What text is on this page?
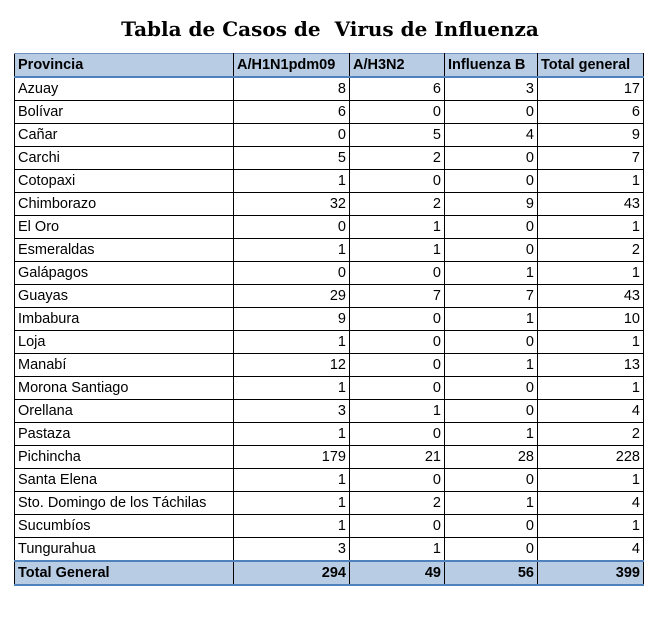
Tabla de Casos de  Virus de Influenza
Provincia	A/H1N1pdm09	A/H3N2	Influenza B	Total general
Azuay	8	6	3	17
Bolívar	6	0	0	6
Cañar	0	5	4	9
Carchi	5	2	0	7
Cotopaxi	1	0	0	1
Chimborazo	32	2	9	43
El Oro	0	1	0	1
Esmeraldas	1	1	0	2
Galápagos	0	0	1	1
Guayas	29	7	7	43
Imbabura	9	0	1	10
Loja	1	0	0	1
Manabí	12	0	1	13
Morona Santiago	1	0	0	1
Orellana	3	1	0	4
Pastaza	1	0	1	2
Pichincha	179	21	28	228
Santa Elena	1	0	0	1
Sto. Domingo de los Táchilas	1	2	1	4
Sucumbíos	1	0	0	1
Tungurahua	3	1	0	4
Total General	294	49	56	399
